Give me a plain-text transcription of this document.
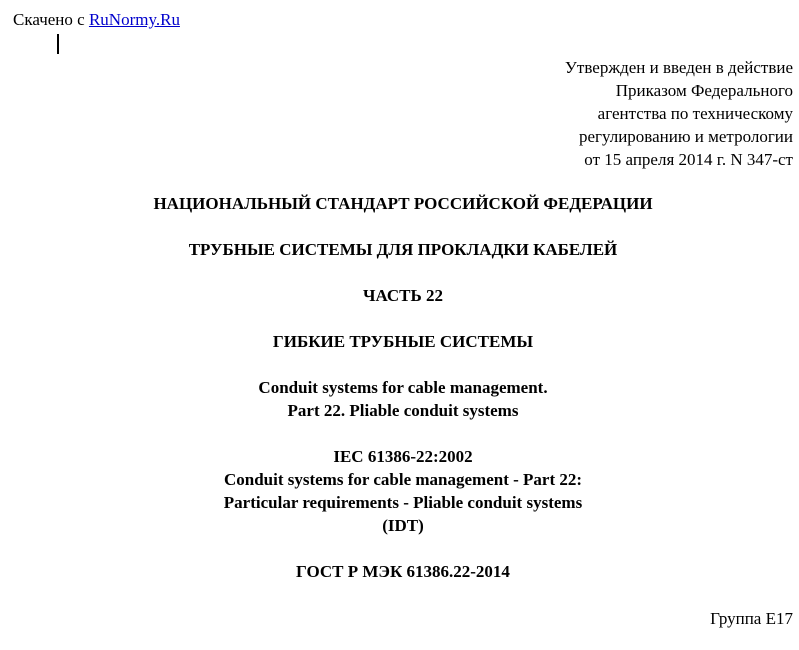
Скачено с RuNormy.Ru
Утвержден и введен в действие
Приказом Федерального
агентства по техническому
регулированию и метрологии
от 15 апреля 2014 г. N 347-ст
НАЦИОНАЛЬНЫЙ СТАНДАРТ РОССИЙСКОЙ ФЕДЕРАЦИИ
ТРУБНЫЕ СИСТЕМЫ ДЛЯ ПРОКЛАДКИ КАБЕЛЕЙ
ЧАСТЬ 22
ГИБКИЕ ТРУБНЫЕ СИСТЕМЫ
Conduit systems for cable management.
Part 22. Pliable conduit systems
IEC 61386-22:2002
Conduit systems for cable management - Part 22:
Particular requirements - Pliable conduit systems
(IDT)
ГОСТ Р МЭК 61386.22-2014
Группа Е17
